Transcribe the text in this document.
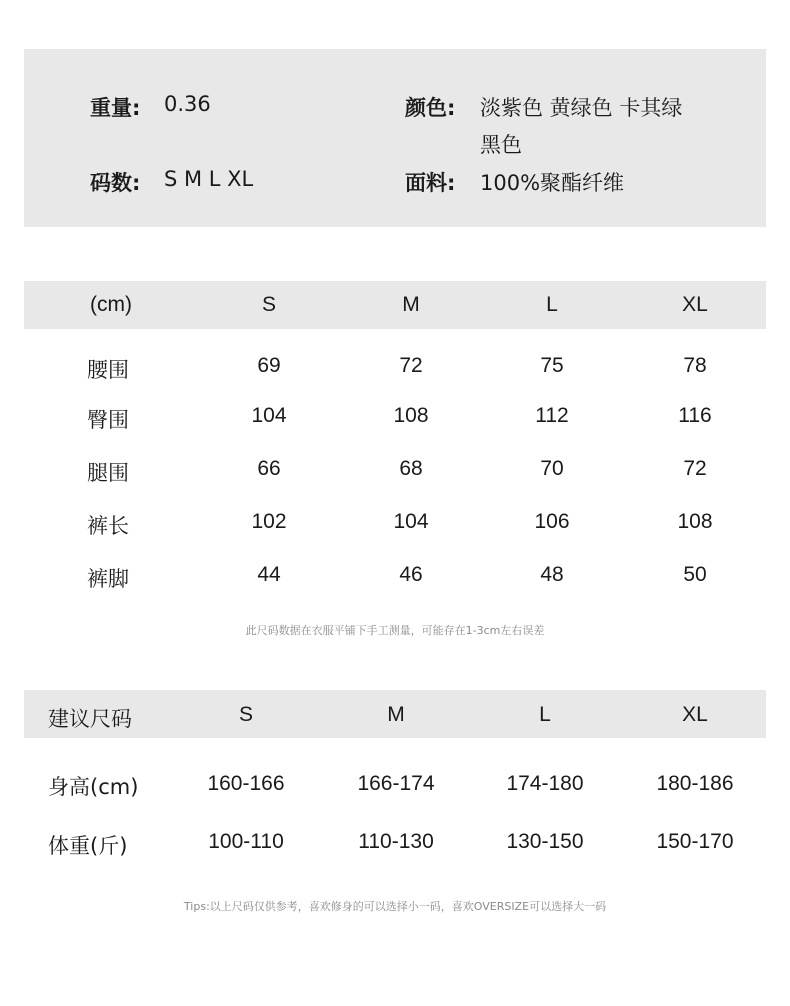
重量: 0.36
码数: S M L XL
颜色: 淡紫色 黄绿色 卡其绿
黑色
面料: 100%聚酯纤维
(cm)	S	M	L	XL
腰围	69	72	75	78
臀围	104	108	112	116
腿围	66	68	70	72
裤长	102	104	106	108
裤脚	44	46	48	50
此尺码数据在衣服平铺下手工测量，可能存在1-3cm左右误差
建议尺码	S	M	L	XL
身高(cm)	160-166	166-174	174-180	180-186
体重(斤)	100-110	110-130	130-150	150-170
Tips:以上尺码仅供参考，喜欢修身的可以选择小一码，喜欢OVERSIZE可以选择大一码
